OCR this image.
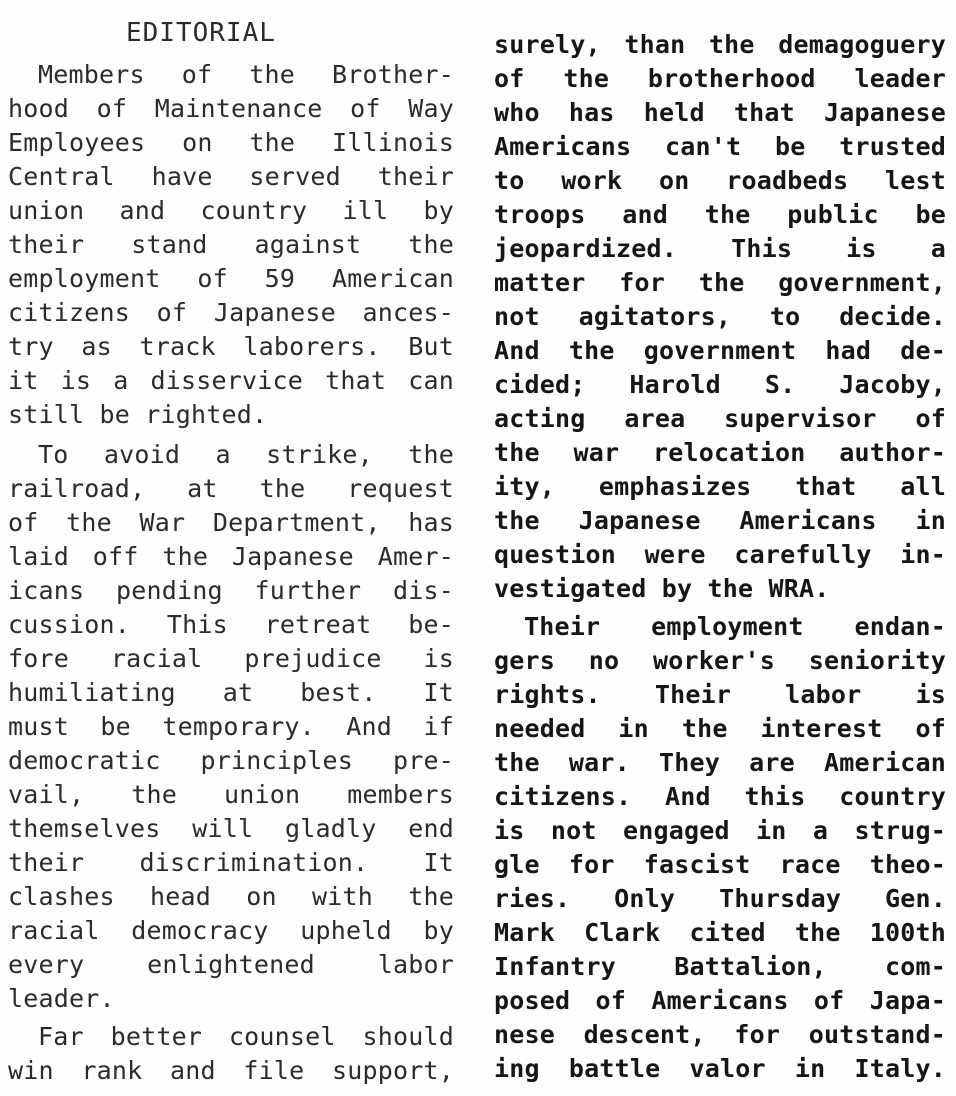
EDITORIAL
Members of the Brother-
hood of Maintenance of Way
Employees on the Illinois
Central have served their
union and country ill by
their stand against the
employment of 59 American
citizens of Japanese ances-
try as track laborers. But
it is a disservice that can
still be righted.
To avoid a strike, the
railroad, at the request
of the War Department, has
laid off the Japanese Amer-
icans pending further dis-
cussion. This retreat be-
fore racial prejudice is
humiliating at best. It
must be temporary. And if
democratic principles pre-
vail, the union members
themselves will gladly end
their discrimination. It
clashes head on with the
racial democracy upheld by
every enlightened labor
leader.
Far better counsel should
win rank and file support,
surely, than the demagoguery
of the brotherhood leader
who has held that Japanese
Americans can't be trusted
to work on roadbeds lest
troops and the public be
jeopardized. This is a
matter for the government,
not agitators, to decide.
And the government had de-
cided; Harold S. Jacoby,
acting area supervisor of
the war relocation author-
ity, emphasizes that all
the Japanese Americans in
question were carefully in-
vestigated by the WRA.
Their employment endan-
gers no worker's seniority
rights. Their labor is
needed in the interest of
the war. They are American
citizens. And this country
is not engaged in a strug-
gle for fascist race theo-
ries. Only Thursday Gen.
Mark Clark cited the 100th
Infantry Battalion, com-
posed of Americans of Japa-
nese descent, for outstand-
ing battle valor in Italy.
